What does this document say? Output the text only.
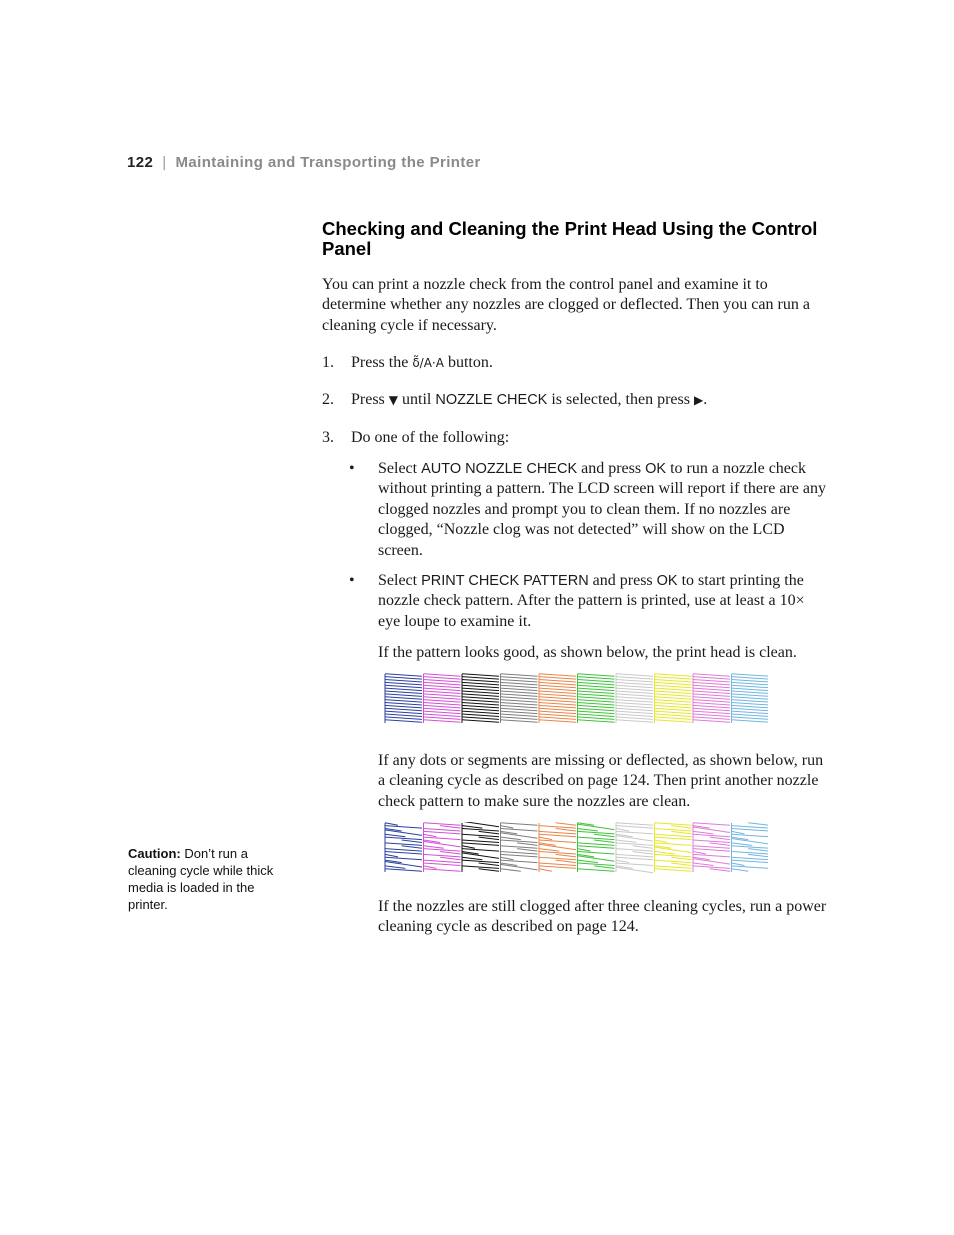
122 | Maintaining and Transporting the Printer
Checking and Cleaning the Print Head Using the Control Panel
You can print a nozzle check from the control panel and examine it to determine whether any nozzles are clogged or deflected. Then you can run a cleaning cycle if necessary.
1. Press the δ̃/A·A button.
2. Press ▼ until NOZZLE CHECK is selected, then press ▶.
3. Do one of the following:
• Select AUTO NOZZLE CHECK and press OK to run a nozzle check without printing a pattern. The LCD screen will report if there are any clogged nozzles and prompt you to clean them. If no nozzles are clogged, “Nozzle clog was not detected” will show on the LCD screen.
• Select PRINT CHECK PATTERN and press OK to start printing the nozzle check pattern. After the pattern is printed, use at least a 10× eye loupe to examine it.
If the pattern looks good, as shown below, the print head is clean.
If any dots or segments are missing or deflected, as shown below, run a cleaning cycle as described on page 124. Then print another nozzle check pattern to make sure the nozzles are clean.
If the nozzles are still clogged after three cleaning cycles, run a power cleaning cycle as described on page 124.
Caution: Don’t run a cleaning cycle while thick media is loaded in the printer.
